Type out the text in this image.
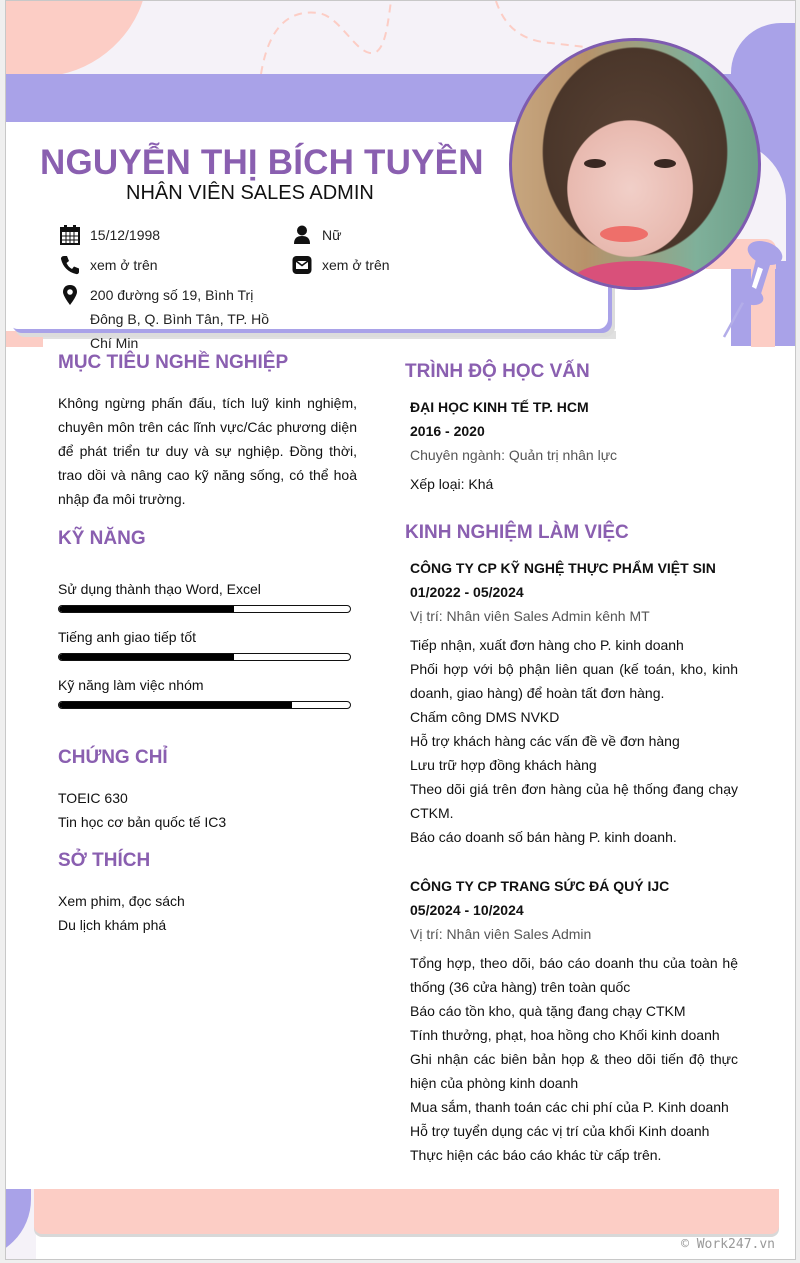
NGUYỄN THỊ BÍCH TUYỀN
NHÂN VIÊN SALES ADMIN
15/12/1998
xem ở trên
200 đường số 19, Bình Trị Đông B, Q. Bình Tân, TP. Hồ Chí Min
Nữ
xem ở trên
MỤC TIÊU NGHỀ NGHIỆP
Không ngừng phấn đấu, tích luỹ kinh nghiệm, chuyên môn trên các lĩnh vực/Các phương diện để phát triển tư duy và sự nghiệp. Đồng thời, trao dồi và nâng cao kỹ năng sống, có thể hoà nhập đa môi trường.
KỸ NĂNG
Sử dụng thành thạo Word, Excel
Tiếng anh giao tiếp tốt
Kỹ năng làm việc nhóm
CHỨNG CHỈ
TOEIC 630
Tin học cơ bản quốc tế IC3
SỞ THÍCH
Xem phim, đọc sách
Du lịch khám phá
TRÌNH ĐỘ HỌC VẤN
ĐẠI HỌC KINH TẾ TP. HCM
2016 - 2020
Chuyên ngành: Quản trị nhân lực
Xếp loại: Khá
KINH NGHIỆM LÀM VIỆC
CÔNG TY CP KỸ NGHỆ THỰC PHẨM VIỆT SIN
01/2022 - 05/2024
Vị trí: Nhân viên Sales Admin kênh MT
Tiếp nhận, xuất đơn hàng cho P. kinh doanh
Phối hợp với bộ phận liên quan (kế toán, kho, kinh doanh, giao hàng) để hoàn tất đơn hàng.
Chấm công DMS NVKD
Hỗ trợ khách hàng các vấn đề về đơn hàng
Lưu trữ hợp đồng khách hàng
Theo dõi giá trên đơn hàng của hệ thống đang chạy CTKM.
Báo cáo doanh số bán hàng P. kinh doanh.
CÔNG TY CP TRANG SỨC ĐÁ QUÝ IJC
05/2024 - 10/2024
Vị trí: Nhân viên Sales Admin
Tổng hợp, theo dõi, báo cáo doanh thu của toàn hệ thống (36 cửa hàng) trên toàn quốc
Báo cáo tồn kho, quà tặng đang chạy CTKM
Tính thưởng, phạt, hoa hồng cho Khối kinh doanh
Ghi nhận các biên bản họp & theo dõi tiến độ thực hiện của phòng kinh doanh
Mua sắm, thanh toán các chi phí của P. Kinh doanh
Hỗ trợ tuyển dụng các vị trí của khối Kinh doanh
Thực hiện các báo cáo khác từ cấp trên.
© Work247.vn
